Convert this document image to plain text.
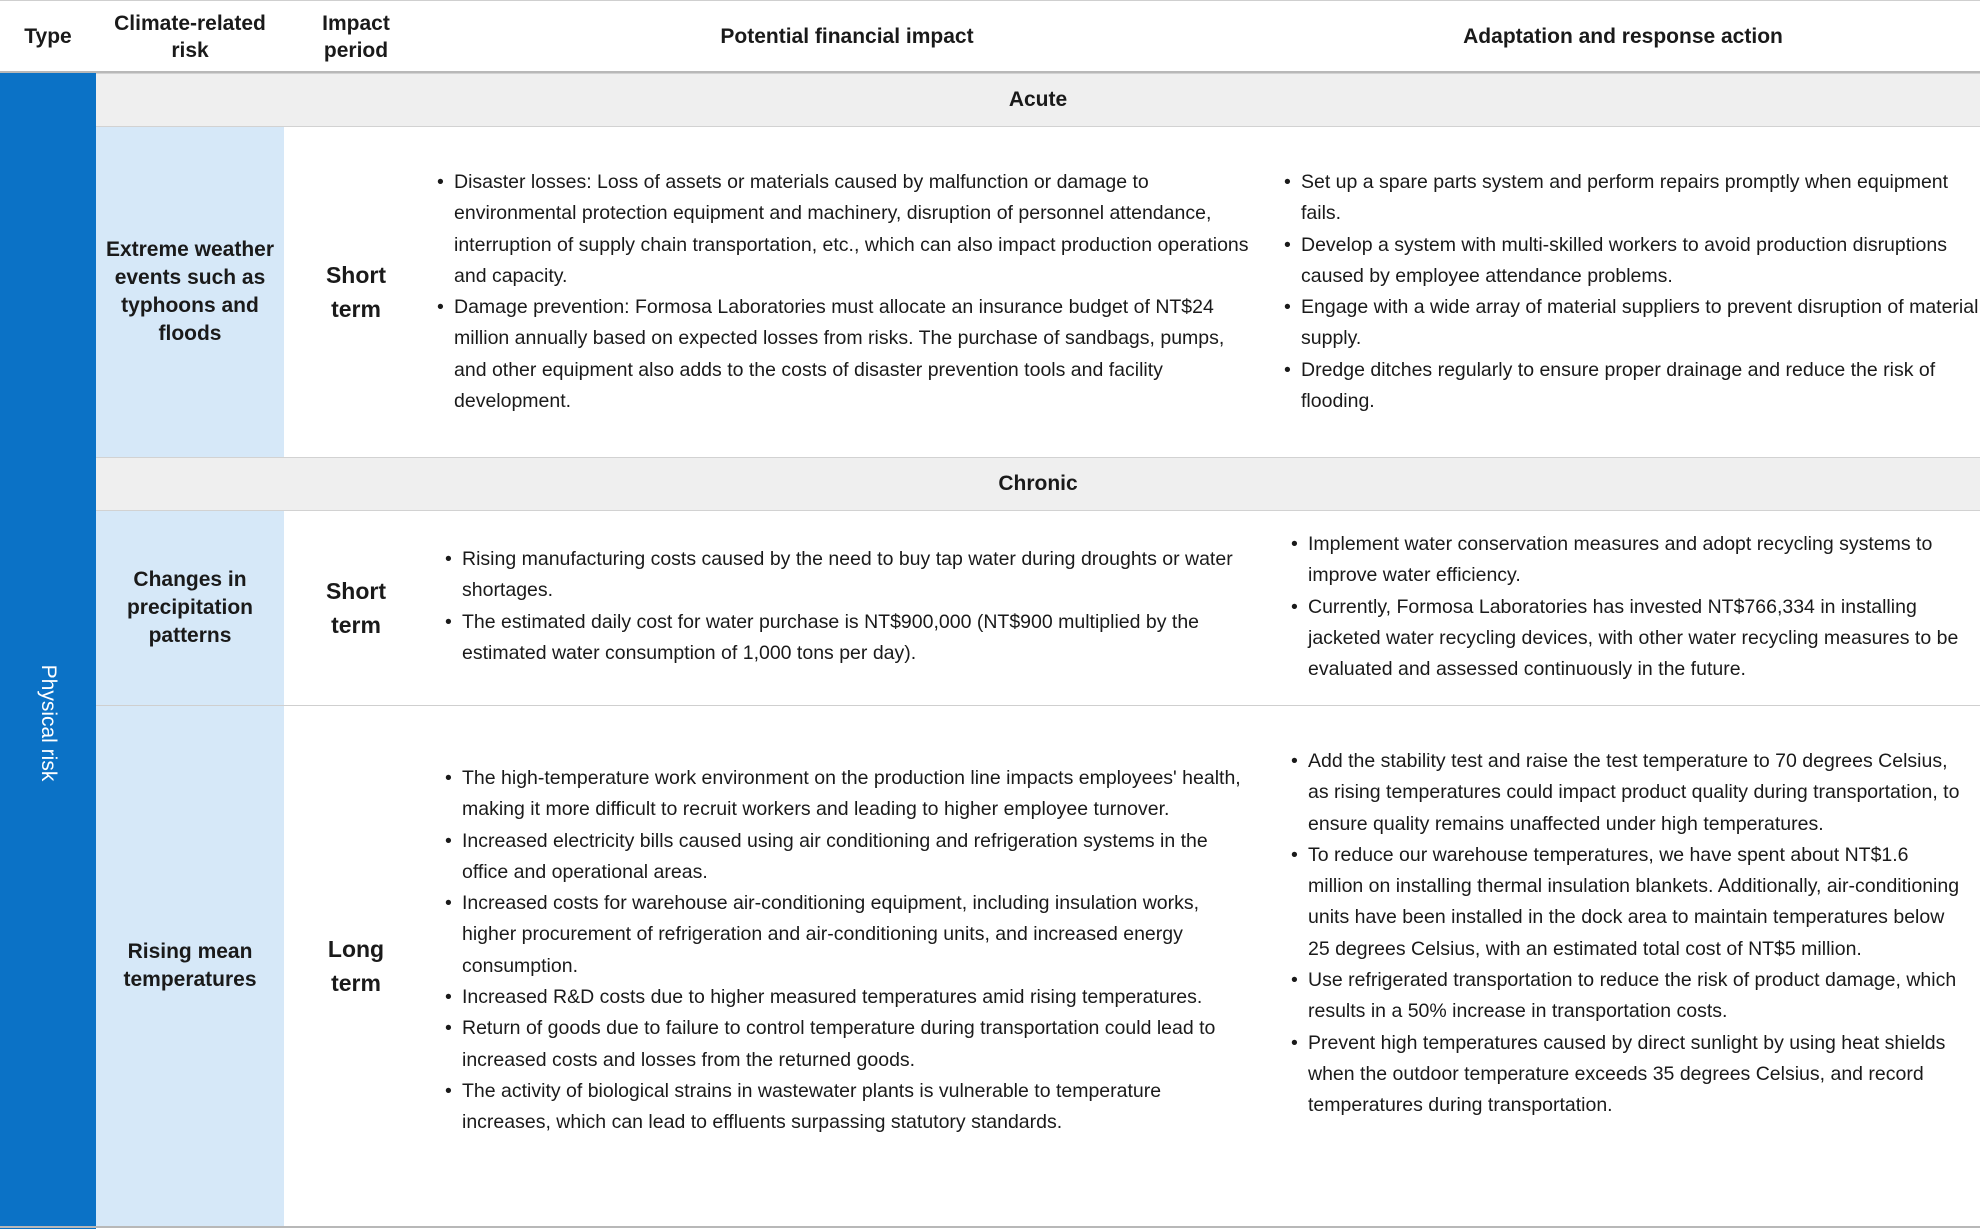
Type
Climate-related risk
Impact period
Potential financial impact	Adaptation and response action
Physical risk
Acute
Extreme weather events such as typhoons and floods
Short term
• Disaster losses: Loss of assets or materials caused by malfunction or damage to environmental protection equipment and machinery, disruption of personnel attendance, interruption of supply chain transportation, etc., which can also impact production operations and capacity.
• Damage prevention: Formosa Laboratories must allocate an insurance budget of NT$24 million annually based on expected losses from risks. The purchase of sandbags, pumps, and other equipment also adds to the costs of disaster prevention tools and facility development.
• Set up a spare parts system and perform repairs promptly when equipment fails.
• Develop a system with multi-skilled workers to avoid production disruptions caused by employee attendance problems.
• Engage with a wide array of material suppliers to prevent disruption of material supply.
• Dredge ditches regularly to ensure proper drainage and reduce the risk of flooding.
Chronic
Changes in precipitation patterns
Short term
• Rising manufacturing costs caused by the need to buy tap water during droughts or water shortages.
• The estimated daily cost for water purchase is NT$900,000 (NT$900 multiplied by the estimated water consumption of 1,000 tons per day).
• Implement water conservation measures and adopt recycling systems to improve water efficiency.
• Currently, Formosa Laboratories has invested NT$766,334 in installing jacketed water recycling devices, with other water recycling measures to be evaluated and assessed continuously in the future.
Rising mean temperatures
Long term
• The high-temperature work environment on the production line impacts employees' health, making it more difficult to recruit workers and leading to higher employee turnover.
• Increased electricity bills caused using air conditioning and refrigeration systems in the office and operational areas.
• Increased costs for warehouse air-conditioning equipment, including insulation works, higher procurement of refrigeration and air-conditioning units, and increased energy consumption.
• Increased R&D costs due to higher measured temperatures amid rising temperatures.
• Return of goods due to failure to control temperature during transportation could lead to increased costs and losses from the returned goods.
• The activity of biological strains in wastewater plants is vulnerable to temperature increases, which can lead to effluents surpassing statutory standards.
• Add the stability test and raise the test temperature to 70 degrees Celsius, as rising temperatures could impact product quality during transportation, to ensure quality remains unaffected under high temperatures.
• To reduce our warehouse temperatures, we have spent about NT$1.6 million on installing thermal insulation blankets. Additionally, air-conditioning units have been installed in the dock area to maintain temperatures below 25 degrees Celsius, with an estimated total cost of NT$5 million.
• Use refrigerated transportation to reduce the risk of product damage, which results in a 50% increase in transportation costs.
• Prevent high temperatures caused by direct sunlight by using heat shields when the outdoor temperature exceeds 35 degrees Celsius, and record temperatures during transportation.
